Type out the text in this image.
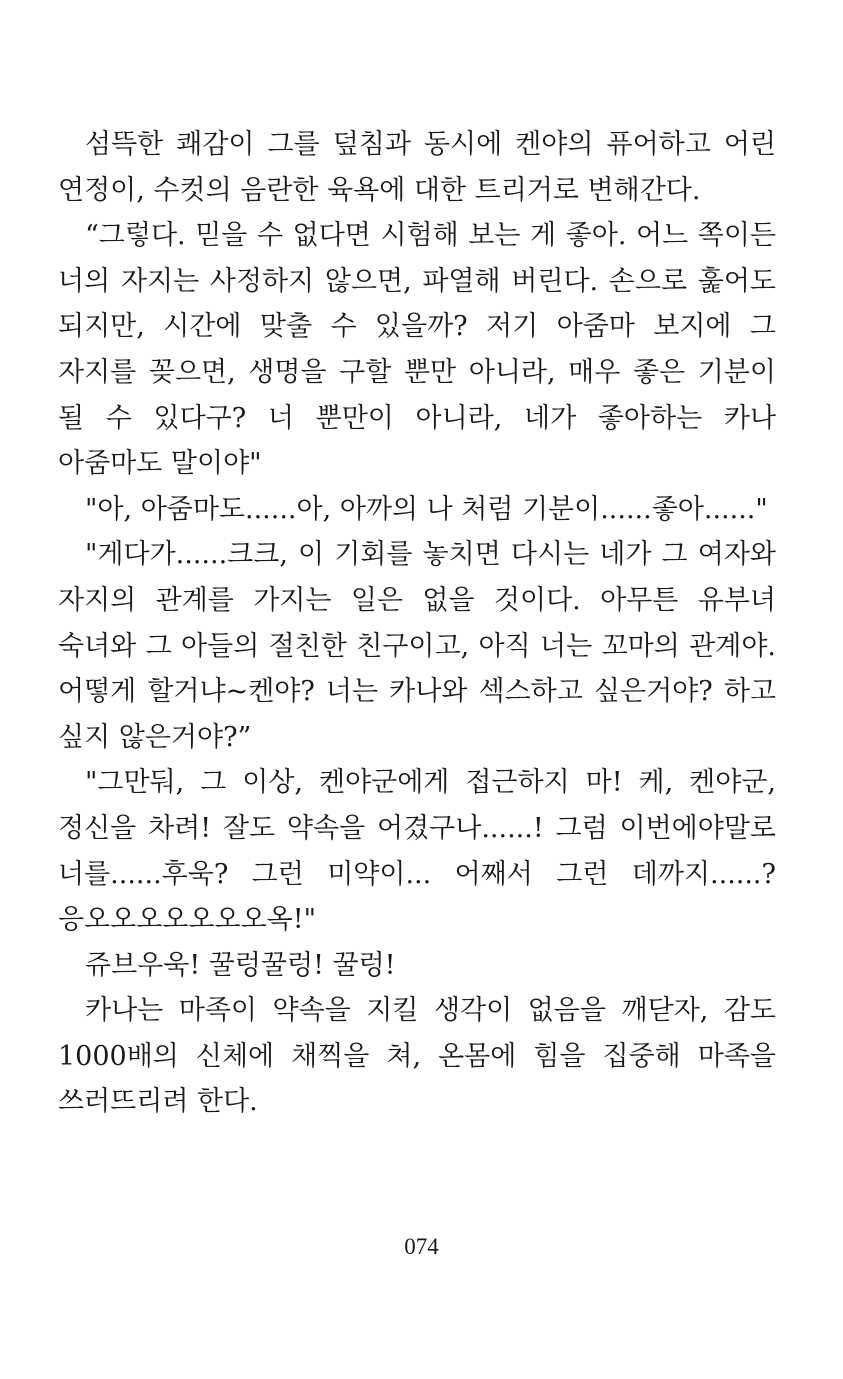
섬뜩한 쾌감이 그를 덮침과 동시에 켄야의 퓨어하고 어린 연정이, 수컷의 음란한 육욕에 대한 트리거로 변해간다.

“그렇다. 믿을 수 없다면 시험해 보는 게 좋아. 어느 쪽이든 너의 자지는 사정하지 않으면, 파열해 버린다. 손으로 훑어도 되지만, 시간에 맞출 수 있을까? 저기 아줌마 보지에 그 자지를 꽂으면, 생명을 구할 뿐만 아니라, 매우 좋은 기분이 될 수 있다구? 너 뿐만이 아니라, 네가 좋아하는 카나 아줌마도 말이야"

"아, 아줌마도......아, 아까의 나 처럼 기분이......좋아......"

"게다가......크크, 이 기회를 놓치면 다시는 네가 그 여자와 자지의 관계를 가지는 일은 없을 것이다. 아무튼 유부녀 숙녀와 그 아들의 절친한 친구이고, 아직 너는 꼬마의 관계야. 어떻게 할거냐~켄야? 너는 카나와 섹스하고 싶은거야? 하고 싶지 않은거야?”

"그만둬, 그 이상, 켄야군에게 접근하지 마! 케, 켄야군, 정신을 차려! 잘도 약속을 어겼구나......! 그럼 이번에야말로 너를......후욱? 그런 미약이... 어째서 그런 데까지......? 응오오오오오오오옥!"

쥬브우욱! 꿀렁꿀렁! 꿀렁!

카나는 마족이 약속을 지킬 생각이 없음을 깨닫자, 감도 1000배의 신체에 채찍을 쳐, 온몸에 힘을 집중해 마족을 쓰러뜨리려 한다.

074
